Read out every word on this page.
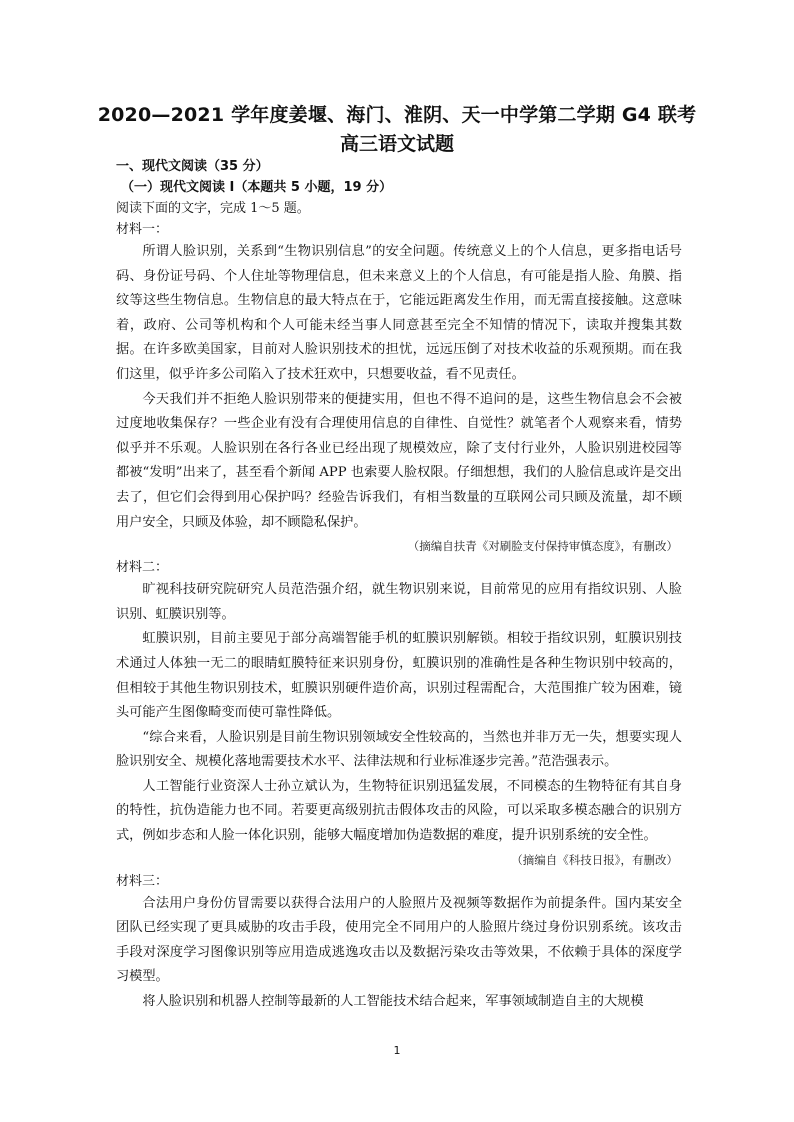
2020—2021 学年度姜堰、海门、淮阴、天一中学第二学期 G4 联考
高三语文试题
一、现代文阅读（35 分）
（一）现代文阅读 I（本题共 5 小题，19 分）
阅读下面的文字，完成 1～5 题。
材料一：

所谓人脸识别，关系到“生物识别信息”的安全问题。传统意义上的个人信息，更多指电话号码、身份证号码、个人住址等物理信息，但未来意义上的个人信息，有可能是指人脸、角膜、指纹等这些生物信息。生物信息的最大特点在于，它能远距离发生作用，而无需直接接触。这意味着，政府、公司等机构和个人可能未经当事人同意甚至完全不知情的情况下，读取并搜集其数据。在许多欧美国家，目前对人脸识别技术的担忧，远远压倒了对技术收益的乐观预期。而在我们这里，似乎许多公司陷入了技术狂欢中，只想要收益，看不见责任。

今天我们并不拒绝人脸识别带来的便捷实用，但也不得不追问的是，这些生物信息会不会被过度地收集保存？一些企业有没有合理使用信息的自律性、自觉性？就笔者个人观察来看，情势似乎并不乐观。人脸识别在各行各业已经出现了规模效应，除了支付行业外，人脸识别进校园等都被“发明”出来了，甚至看个新闻 APP 也索要人脸权限。仔细想想，我们的人脸信息或许是交出去了，但它们会得到用心保护吗？经验告诉我们，有相当数量的互联网公司只顾及流量，却不顾用户安全，只顾及体验，却不顾隐私保护。

（摘编自扶青《对刷脸支付保持审慎态度》，有删改）
材料二：

旷视科技研究院研究人员范浩强介绍，就生物识别来说，目前常见的应用有指纹识别、人脸识别、虹膜识别等。

虹膜识别，目前主要见于部分高端智能手机的虹膜识别解锁。相较于指纹识别，虹膜识别技术通过人体独一无二的眼睛虹膜特征来识别身份，虹膜识别的准确性是各种生物识别中较高的，但相较于其他生物识别技术，虹膜识别硬件造价高，识别过程需配合，大范围推广较为困难，镜头可能产生图像畸变而使可靠性降低。

“综合来看，人脸识别是目前生物识别领域安全性较高的，当然也并非万无一失，想要实现人脸识别安全、规模化落地需要技术水平、法律法规和行业标准逐步完善。”范浩强表示。

人工智能行业资深人士孙立斌认为，生物特征识别迅猛发展，不同模态的生物特征有其自身的特性，抗伪造能力也不同。若要更高级别抗击假体攻击的风险，可以采取多模态融合的识别方式，例如步态和人脸一体化识别，能够大幅度增加伪造数据的难度，提升识别系统的安全性。

（摘编自《科技日报》，有删改）
材料三：

合法用户身份仿冒需要以获得合法用户的人脸照片及视频等数据作为前提条件。国内某安全团队已经实现了更具威胁的攻击手段，使用完全不同用户的人脸照片绕过身份识别系统。该攻击手段对深度学习图像识别等应用造成逃逸攻击以及数据污染攻击等效果，不依赖于具体的深度学习模型。

将人脸识别和机器人控制等最新的人工智能技术结合起来，军事领域制造自主的大规模

1
